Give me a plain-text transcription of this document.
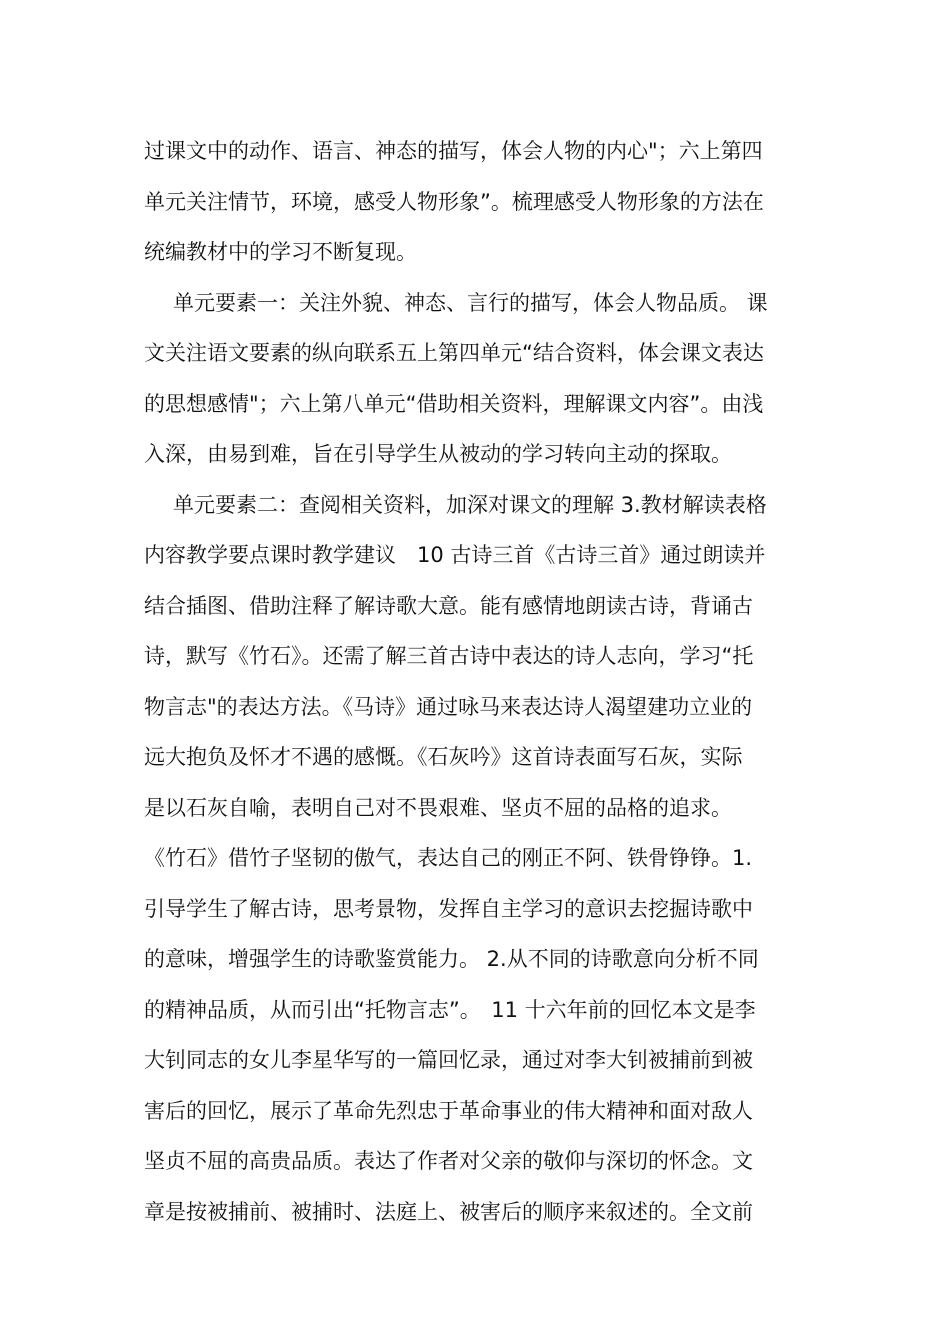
过课文中的动作、语言、神态的描写，体会人物的内心"；六上第四
单元关注情节，环境，感受人物形象”。梳理感受人物形象的方法在
统编教材中的学习不断复现。
单元要素一：关注外貌、神态、言行的描写，体会人物品质。 课
文关注语文要素的纵向联系五上第四单元“结合资料，体会课文表达
的思想感情"；六上第八单元“借助相关资料，理解课文内容”。由浅
入深，由易到难，旨在引导学生从被动的学习转向主动的探取。
单元要素二：查阅相关资料，加深对课文的理解 3.教材解读表格
内容教学要点课时教学建议　10 古诗三首《古诗三首》通过朗读并
结合插图、借助注释了解诗歌大意。能有感情地朗读古诗，背诵古
诗，默写《竹石》。还需了解三首古诗中表达的诗人志向，学习“托
物言志"的表达方法。《马诗》通过咏马来表达诗人渴望建功立业的
远大抱负及怀才不遇的感慨。《石灰吟》这首诗表面写石灰，实际
是以石灰自喻，表明自己对不畏艰难、坚贞不屈的品格的追求。
《竹石》借竹子坚韧的傲气，表达自己的刚正不阿、铁骨铮铮。1.
引导学生了解古诗，思考景物，发挥自主学习的意识去挖掘诗歌中
的意味，增强学生的诗歌鉴赏能力。 2.从不同的诗歌意向分析不同
的精神品质，从而引出“托物言志”。　11 十六年前的回忆本文是李
大钊同志的女儿李星华写的一篇回忆录，通过对李大钊被捕前到被
害后的回忆，展示了革命先烈忠于革命事业的伟大精神和面对敌人
坚贞不屈的高贵品质。表达了作者对父亲的敬仰与深切的怀念。文
章是按被捕前、被捕时、法庭上、被害后的顺序来叙述的。全文前
